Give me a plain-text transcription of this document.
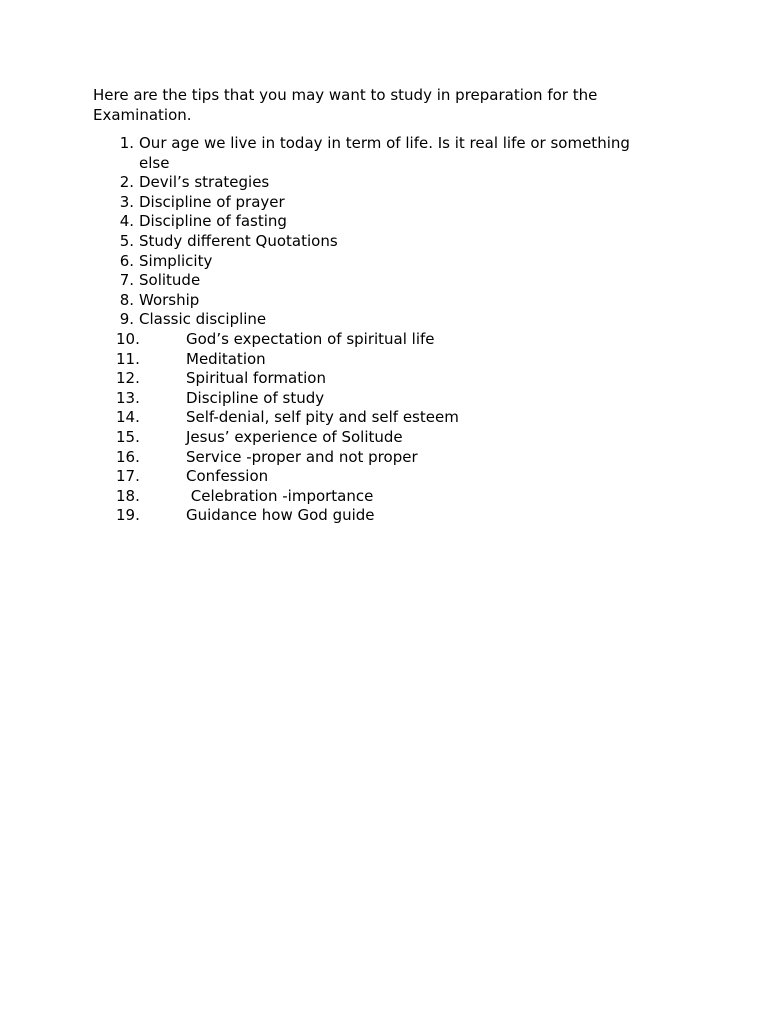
Here are the tips that you may want to study in preparation for the Examination.

1. Our age we live in today in term of life. Is it real life or something else
2. Devil’s strategies
3. Discipline of prayer
4. Discipline of fasting
5. Study different Quotations
6. Simplicity
7. Solitude
8. Worship
9. Classic discipline
10.	God’s expectation of spiritual life
11.	Meditation
12.	Spiritual formation
13.	Discipline of study
14.	Self-denial, self pity and self esteem
15.	Jesus’ experience of Solitude
16.	Service -proper and not proper
17.	Confession
18.	Celebration -importance
19.	Guidance how God guide
